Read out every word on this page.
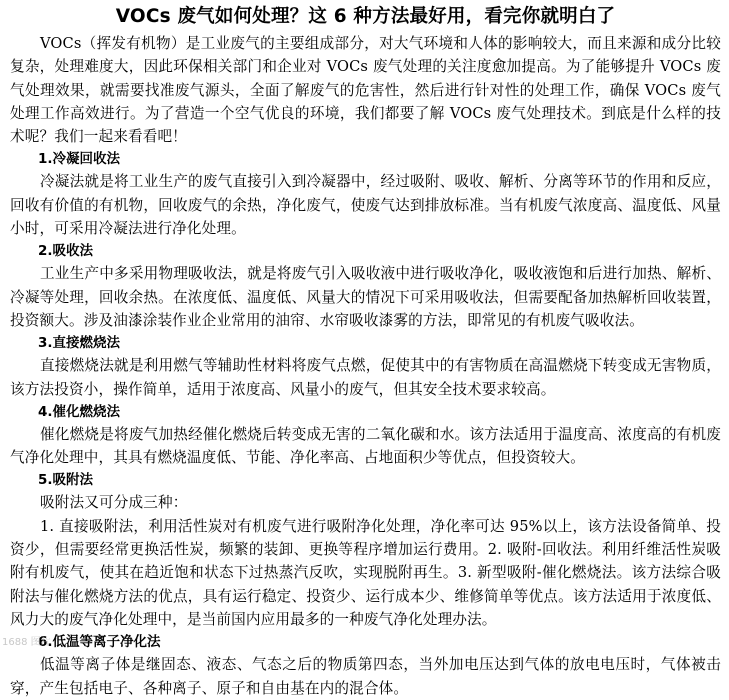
VOCs 废气如何处理？这 6 种方法最好用，看完你就明白了

VOCs（挥发有机物）是工业废气的主要组成部分，对大气环境和人体的影响较大，而且来源和成分比较复杂，处理难度大，因此环保相关部门和企业对 VOCs 废气处理的关注度愈加提高。为了能够提升 VOCs 废气处理效果，就需要找准废气源头，全面了解废气的危害性，然后进行针对性的处理工作，确保 VOCs 废气处理工作高效进行。为了营造一个空气优良的环境，我们都要了解 VOCs 废气处理技术。到底是什么样的技术呢？我们一起来看看吧！

1.冷凝回收法

冷凝法就是将工业生产的废气直接引入到冷凝器中，经过吸附、吸收、解析、分离等环节的作用和反应，回收有价值的有机物，回收废气的余热，净化废气，使废气达到排放标准。当有机废气浓度高、温度低、风量小时，可采用冷凝法进行净化处理。

2.吸收法

工业生产中多采用物理吸收法，就是将废气引入吸收液中进行吸收净化，吸收液饱和后进行加热、解析、冷凝等处理，回收余热。在浓度低、温度低、风量大的情况下可采用吸收法，但需要配备加热解析回收装置，投资额大。涉及油漆涂装作业企业常用的油帘、水帘吸收漆雾的方法，即常见的有机废气吸收法。

3.直接燃烧法

直接燃烧法就是利用燃气等辅助性材料将废气点燃，促使其中的有害物质在高温燃烧下转变成无害物质，该方法投资小，操作简单，适用于浓度高、风量小的废气，但其安全技术要求较高。

4.催化燃烧法

催化燃烧是将废气加热经催化燃烧后转变成无害的二氧化碳和水。该方法适用于温度高、浓度高的有机废气净化处理中，其具有燃烧温度低、节能、净化率高、占地面积少等优点，但投资较大。

5.吸附法

吸附法又可分成三种：

1. 直接吸附法，利用活性炭对有机废气进行吸附净化处理，净化率可达 95%以上，该方法设备简单、投资少，但需要经常更换活性炭，频繁的装卸、更换等程序增加运行费用。2. 吸附-回收法。利用纤维活性炭吸附有机废气，使其在趋近饱和状态下过热蒸汽反吹，实现脱附再生。3. 新型吸附-催化燃烧法。该方法综合吸附法与催化燃烧方法的优点，具有运行稳定、投资少、运行成本少、维修简单等优点。该方法适用于浓度低、风力大的废气净化处理中，是当前国内应用最多的一种废气净化处理办法。

6.低温等离子净化法

低温等离子体是继固态、液态、气态之后的物质第四态，当外加电压达到气体的放电电压时，气体被击穿，产生包括电子、各种离子、原子和自由基在内的混合体。

1688 图片
